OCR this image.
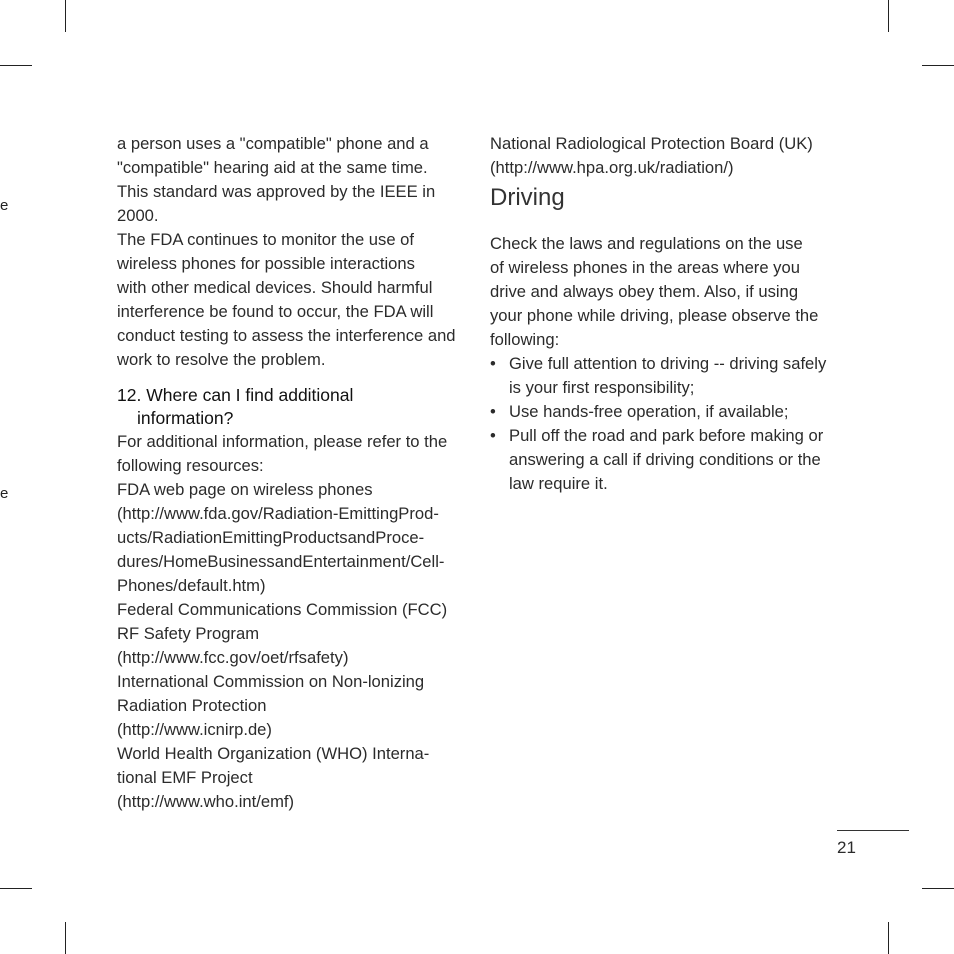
e
e
a person uses a "compatible" phone and a
"compatible" hearing aid at the same time.
This standard was approved by the IEEE in
2000.
The FDA continues to monitor the use of
wireless phones for possible interactions
with other medical devices. Should harmful
interference be found to occur, the FDA will
conduct testing to assess the interference and
work to resolve the problem.
12. Where can I find additional
information?
For additional information, please refer to the
following resources:
FDA web page on wireless phones
(http://www.fda.gov/Radiation-EmittingProd-
ucts/RadiationEmittingProductsandProce-
dures/HomeBusinessandEntertainment/Cell-
Phones/default.htm)
Federal Communications Commission (FCC)
RF Safety Program
(http://www.fcc.gov/oet/rfsafety)
International Commission on Non-lonizing
Radiation Protection
(http://www.icnirp.de)
World Health Organization (WHO) Interna-
tional EMF Project
(http://www.who.int/emf)
National Radiological Protection Board (UK)
(http://www.hpa.org.uk/radiation/)
Driving
Check the laws and regulations on the use
of wireless phones in the areas where you
drive and always obey them. Also, if using
your phone while driving, please observe the
following:
• Give full attention to driving -- driving safely
is your first responsibility;
• Use hands-free operation, if available;
• Pull off the road and park before making or
answering a call if driving conditions or the
law require it.
21
